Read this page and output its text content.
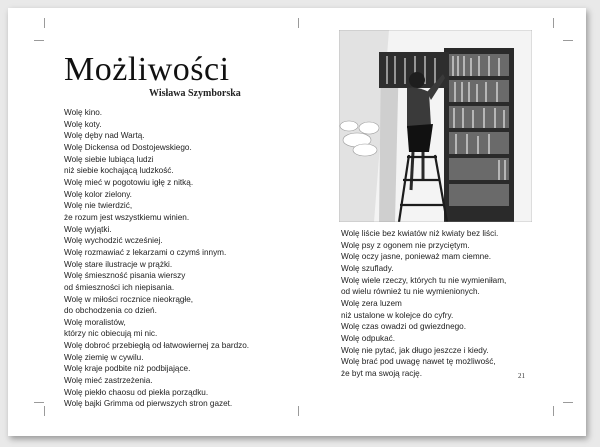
Możliwości
Wisława Szymborska
Wolę kino.
Wolę koty.
Wolę dęby nad Wartą.
Wolę Dickensa od Dostojewskiego.
Wolę siebie lubiącą ludzi
niż siebie kochającą ludzkość.
Wolę mieć w pogotowiu igłę z nitką.
Wolę kolor zielony.
Wolę nie twierdzić,
że rozum jest wszystkiemu winien.
Wolę wyjątki.
Wolę wychodzić wcześniej.
Wolę rozmawiać z lekarzami o czymś innym.
Wolę stare ilustracje w prążki.
Wolę śmieszność pisania wierszy
od śmieszności ich niepisania.
Wolę w miłości rocznice nieokrągłe,
do obchodzenia co dzień.
Wolę moralistów,
którzy nic obiecują mi nic.
Wolę dobroć przebiegłą od łatwowiernej za bardzo.
Wolę ziemię w cywilu.
Wolę kraje podbite niż podbijające.
Wolę mieć zastrzeżenia.
Wolę piekło chaosu od piekła porządku.
Wolę bajki Grimma od pierwszych stron gazet.
Wolę liście bez kwiatów niż kwiaty bez liści.
Wolę psy z ogonem nie przyciętym.
Wolę oczy jasne, ponieważ mam ciemne.
Wolę szuflady.
Wolę wiele rzeczy, których tu nie wymieniłam,
od wielu również tu nie wymienionych.
Wolę zera luzem
niż ustalone w kolejce do cyfry.
Wolę czas owadzi od gwiezdnego.
Wolę odpukać.
Wolę nie pytać, jak długo jeszcze i kiedy.
Wolę brać pod uwagę nawet tę możliwość,
że byt ma swoją rację.	21
